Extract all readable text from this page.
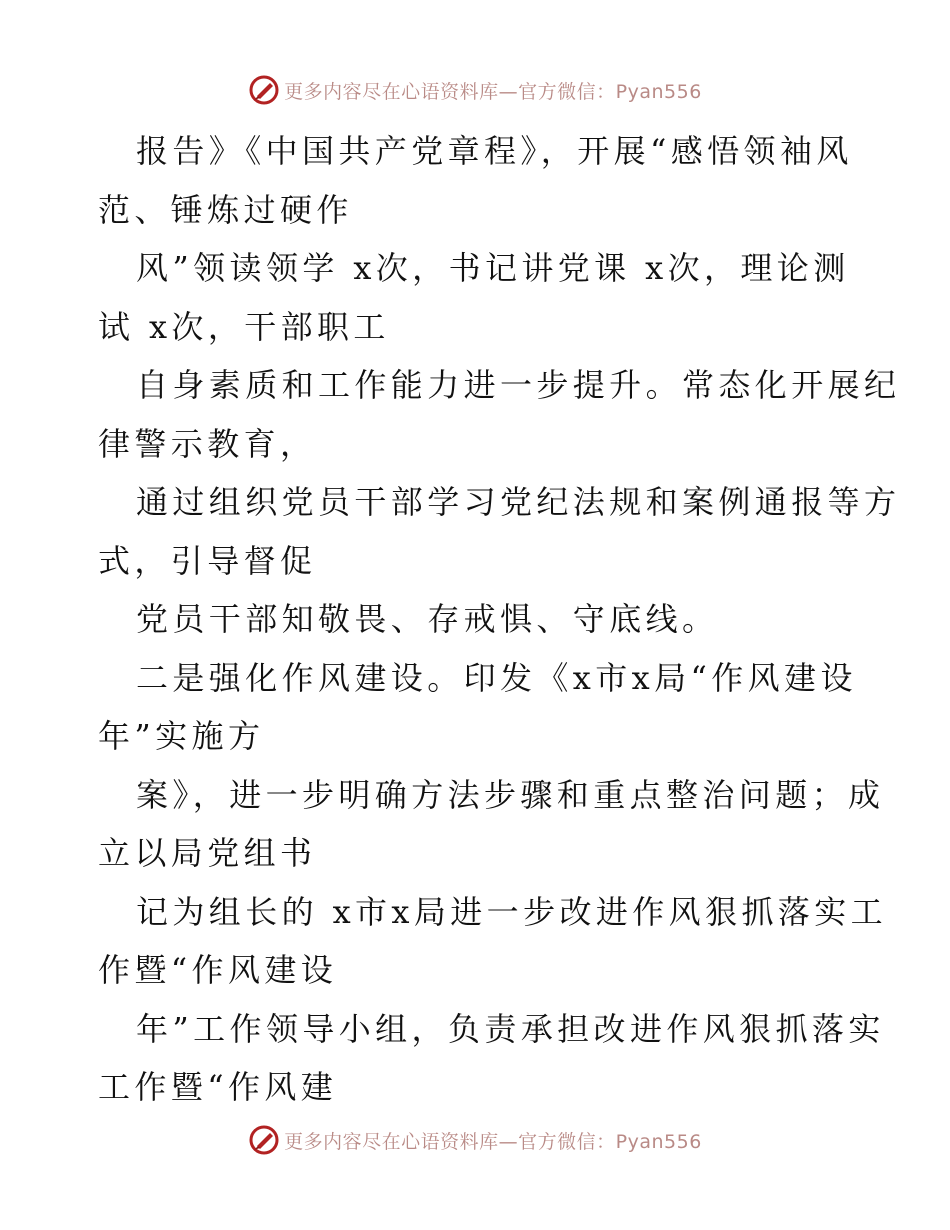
更多内容尽在心语资料库—官方微信：Pyan556
报告》《中国共产党章程》，开展“感悟领袖风
范、锤炼过硬作
风”领读领学 x次，书记讲党课 x次，理论测
试 x次，干部职工
自身素质和工作能力进一步提升。常态化开展纪
律警示教育，
通过组织党员干部学习党纪法规和案例通报等方
式，引导督促
党员干部知敬畏、存戒惧、守底线。
二是强化作风建设。印发《x市x局“作风建设
年”实施方
案》，进一步明确方法步骤和重点整治问题；成
立以局党组书
记为组长的 x市x局进一步改进作风狠抓落实工
作暨“作风建设
年”工作领导小组，负责承担改进作风狠抓落实
工作暨“作风建
更多内容尽在心语资料库—官方微信：Pyan556
